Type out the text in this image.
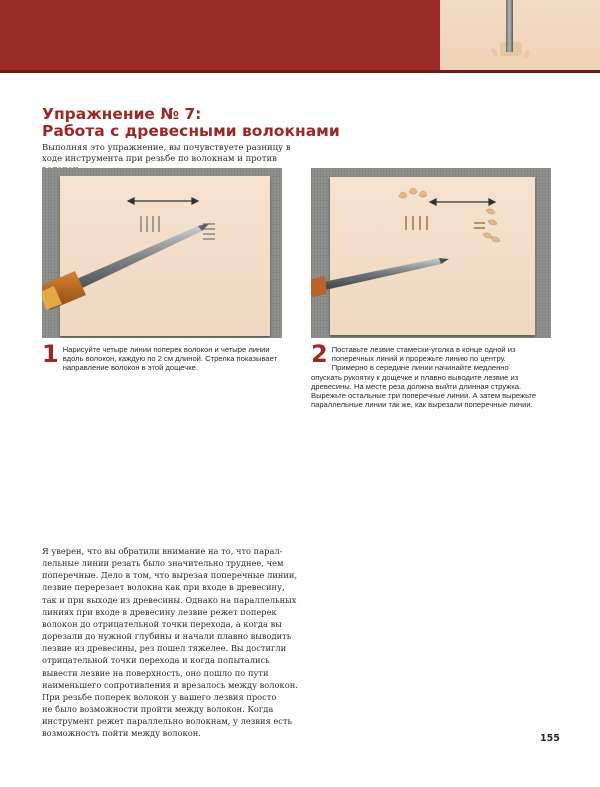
Упражнение № 7:
Работа с древесными волокнами

Выполняя это упражнение, вы почувствуете разницу в ходе инструмента при резьбе по волокнам и против

1 Нарисуйте четыре линии поперек волокон и четыре линии вдоль волокон, каждую по 2 см длиной. Стрелка показывает направление волокон в этой дощечке.	2 Поставьте лезвие стамески-уголка в конце одной из поперечных линий и прорежьте линию по центру. Примерно в середине линии начинайте медленно опускать рукоятку к дощечке и плавно выводите лезвие из древесины. На месте реза должна выйти длинная стружка. Вырежьте остальные три поперечные линии. А затем вырежьте параллельные линии так же, как вырезали поперечные линии.
Я уверен, что вы обратили внимание на то, что парал-
лельные линии резать было значительно труднее, чем
поперечные. Дело в том, что вырезая поперечные линии,
лезвие перерезает волокна как при входе в древесину,
так и при выходе из древесины. Однако на параллельных
линиях при входе в древесину лезвие режет поперек
волокон до отрицательной точки перехода, а когда вы
дорезали до нужной глубины и начали плавно выводить
лезвие из древесины, рез пошел тяжелее. Вы достигли
отрицательной точки перехода и когда попытались
вывести лезвие на поверхность, оно пошло по пути
наименьшего сопротивления и врезалось между волокон.
При резьбе поперек волокон у вашего лезвия просто
не было возможности пройти между волокон. Когда
инструмент режет параллельно волокнам, у лезвия есть
возможность пойти между волокон.	155
